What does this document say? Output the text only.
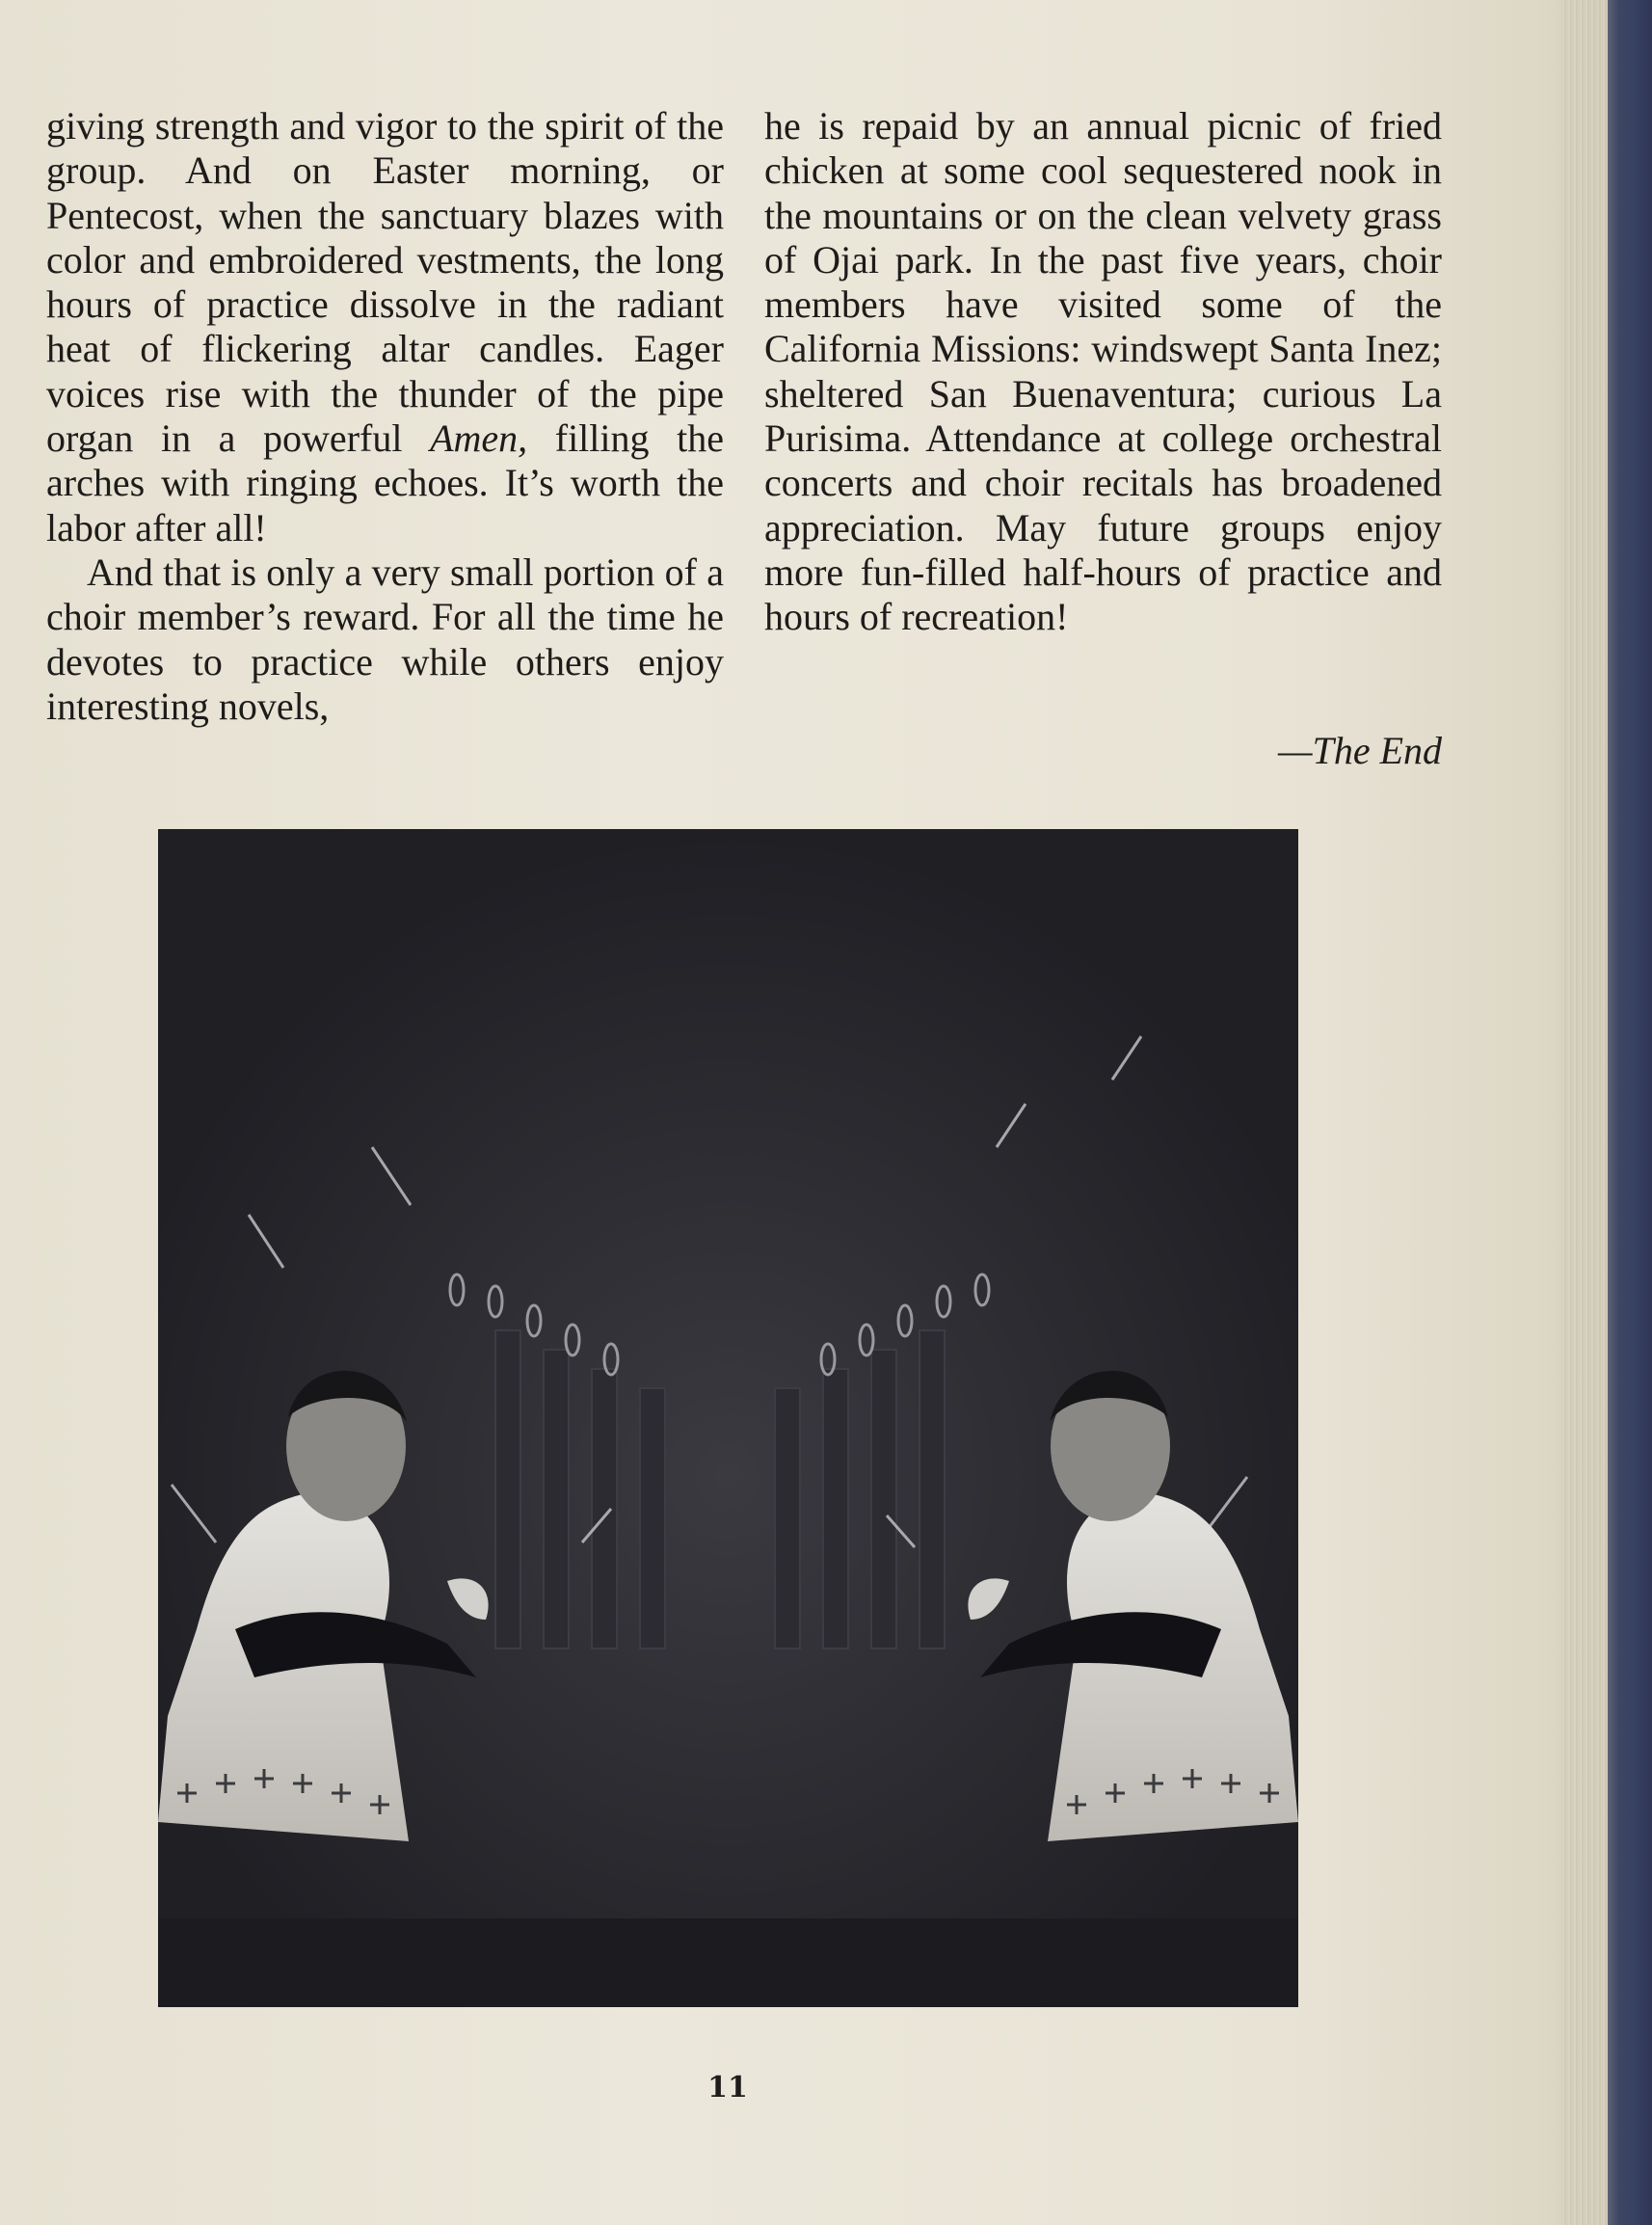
giving strength and vigor to the spirit of the group. And on Easter morning, or Pentecost, when the sanctuary blazes with color and embroidered vestments, the long hours of practice dissolve in the radiant heat of flickering altar candles. Eager voices rise with the thunder of the pipe organ in a powerful Amen, filling the arches with ringing echoes. It’s worth the labor after all!

And that is only a very small portion of a choir member’s reward. For all the time he devotes to practice while others enjoy interesting novels,

he is repaid by an annual picnic of fried chicken at some cool sequestered nook in the mountains or on the clean velvety grass of Ojai park. In the past five years, choir members have visited some of the California Missions: windswept Santa Inez; sheltered San Buenaventura; curious La Purisima. Attendance at college orchestral concerts and choir recitals has broadened appreciation. May future groups enjoy more fun-filled half-hours of practice and hours of recreation!

—The End
11
